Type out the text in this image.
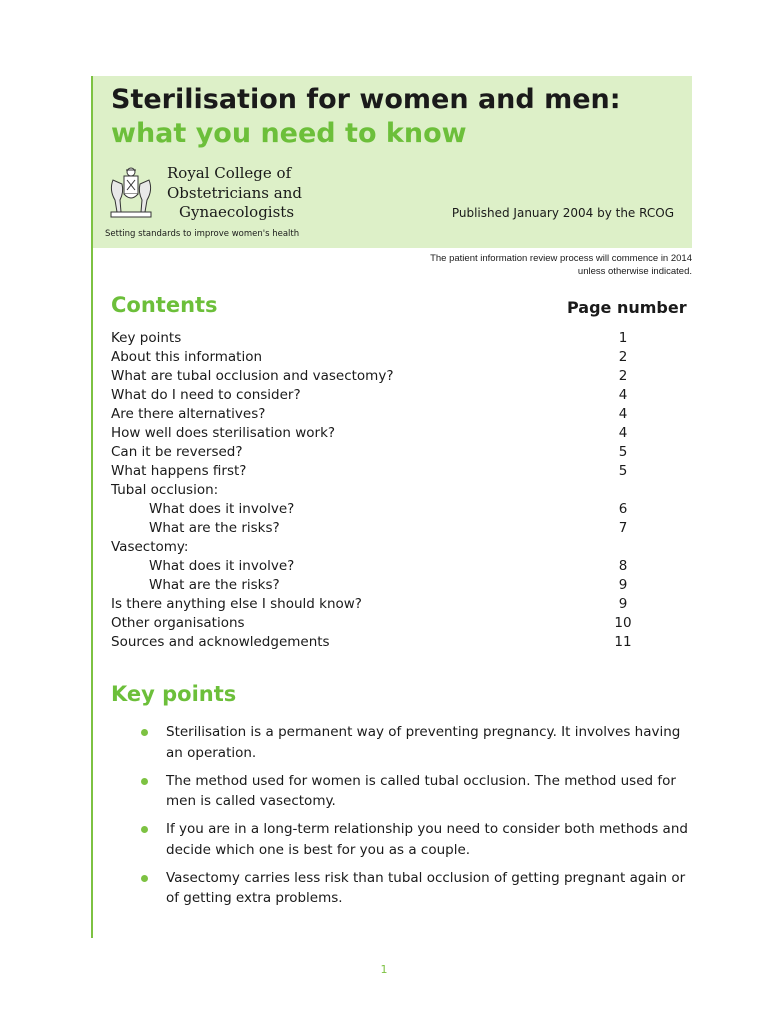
Sterilisation for women and men:
what you need to know
Royal College of
Obstetricians and
Gynaecologists	Published January 2004 by the RCOG
Setting standards to improve women's health
The patient information review process will commence in 2014
unless otherwise indicated.
Contents	Page number
Key points	1
About this information	2
What are tubal occlusion and vasectomy?	2
What do I need to consider?	4
Are there alternatives?	4
How well does sterilisation work?	4
Can it be reversed?	5
What happens first?	5
Tubal occlusion:
What does it involve?	6
What are the risks?	7
Vasectomy:
What does it involve?	8
What are the risks?	9
Is there anything else I should know?	9
Other organisations	10
Sources and acknowledgements	11
Key points
Sterilisation is a permanent way of preventing pregnancy. It involves having an operation.
The method used for women is called tubal occlusion. The method used for men is called vasectomy.
If you are in a long-term relationship you need to consider both methods and decide which one is best for you as a couple.
Vasectomy carries less risk than tubal occlusion of getting pregnant again or of getting extra problems.
1
